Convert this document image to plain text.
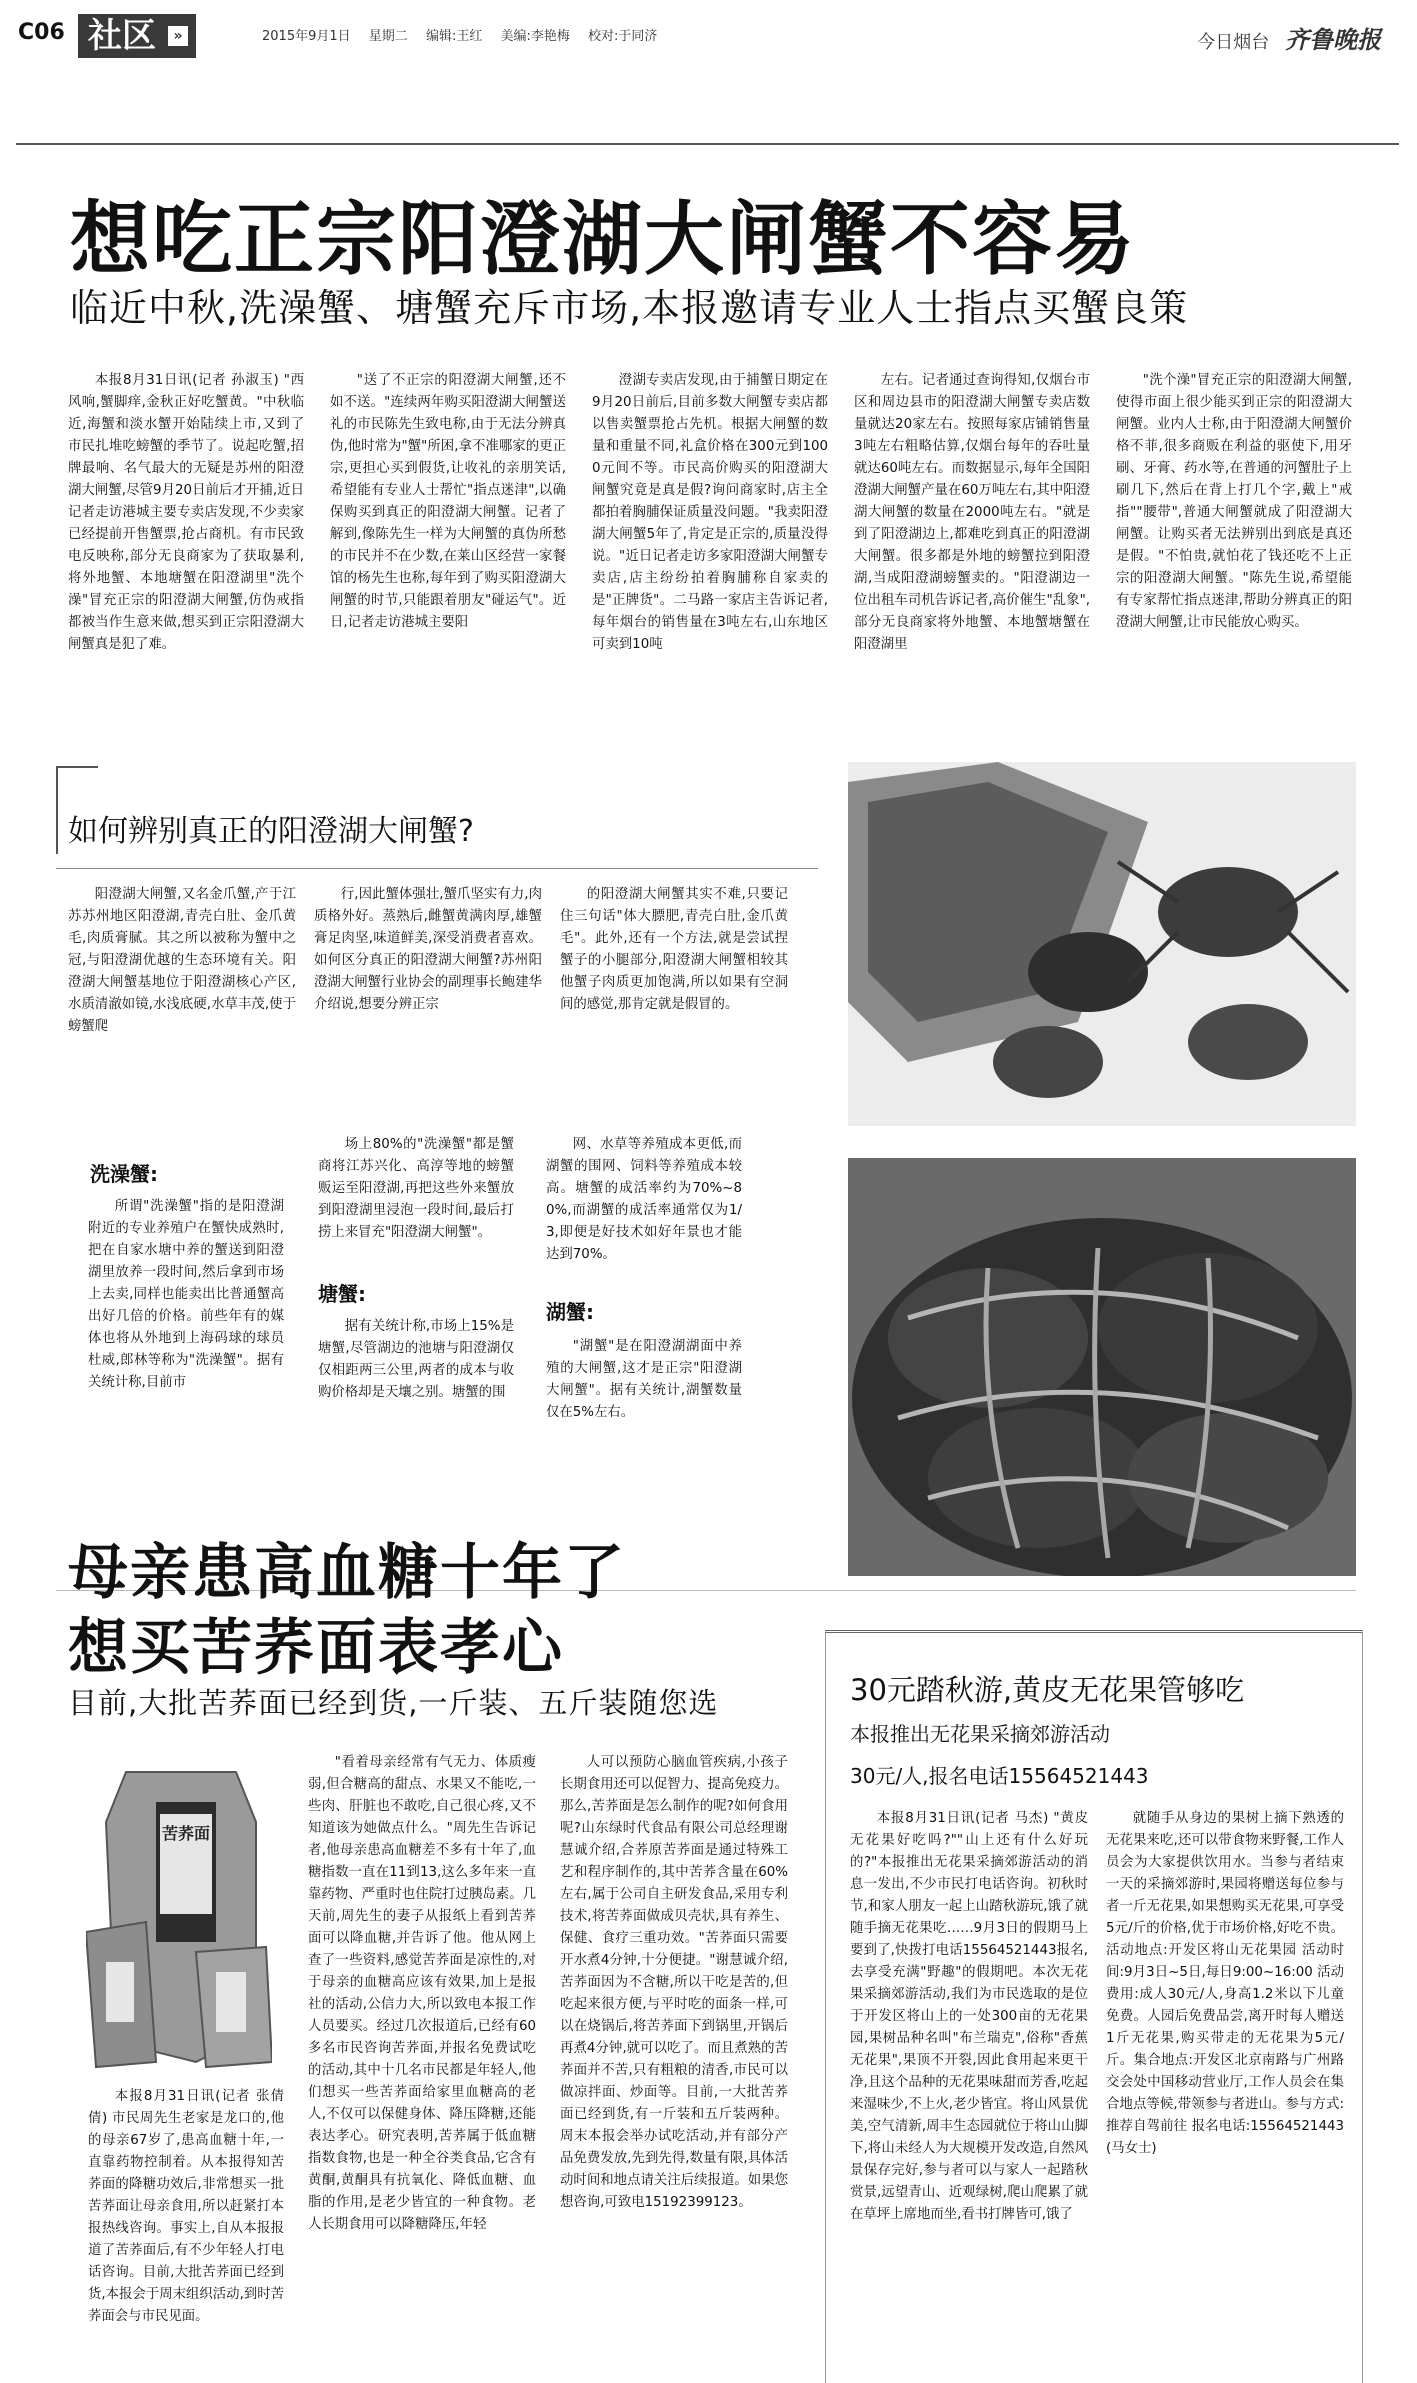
C06 社区	»	2015年9月1日 星期二 编辑:王红 美编:李艳梅 校对:于同济	今日烟台 齐鲁晚报
想吃正宗阳澄湖大闸蟹不容易
临近中秋,洗澡蟹、塘蟹充斥市场,本报邀请专业人士指点买蟹良策

本报8月31日讯(记者 孙淑玉) "西风响,蟹脚痒,金秋正好吃蟹黄。"中秋临近,海蟹和淡水蟹开始陆续上市,又到了市民扎堆吃螃蟹的季节了。说起吃蟹,招牌最响、名气最大的无疑是苏州的阳澄湖大闸蟹,尽管9月20日前后才开捕,近日记者走访港城主要专卖店发现,不少卖家已经提前开售蟹票,抢占商机。有市民致电反映称,部分无良商家为了获取暴利,将外地蟹、本地塘蟹在阳澄湖里"洗个澡"冒充正宗的阳澄湖大闸蟹,仿伪戒指都被当作生意来做,想买到正宗阳澄湖大闸蟹真是犯了难。

"送了不正宗的阳澄湖大闸蟹,还不如不送。"连续两年购买阳澄湖大闸蟹送礼的市民陈先生致电称,由于无法分辨真伪,他时常为"蟹"所困,拿不准哪家的更正宗,更担心买到假货,让收礼的亲朋笑话,希望能有专业人士帮忙"指点迷津",以确保购买到真正的阳澄湖大闸蟹。记者了解到,像陈先生一样为大闸蟹的真伪所愁的市民并不在少数,在莱山区经营一家餐馆的杨先生也称,每年到了购买阳澄湖大闸蟹的时节,只能跟着朋友"碰运气"。近日,记者走访港城主要阳

澄湖专卖店发现,由于捕蟹日期定在9月20日前后,目前多数大闸蟹专卖店都以售卖蟹票抢占先机。根据大闸蟹的数量和重量不同,礼盒价格在300元到1000元间不等。市民高价购买的阳澄湖大闸蟹究竟是真是假?询问商家时,店主全都拍着胸脯保证质量没问题。"我卖阳澄湖大闸蟹5年了,肯定是正宗的,质量没得说。"近日记者走访多家阳澄湖大闸蟹专卖店,店主纷纷拍着胸脯称自家卖的是"正牌货"。二马路一家店主告诉记者,每年烟台的销售量在3吨左右,山东地区可卖到10吨

左右。记者通过查询得知,仅烟台市区和周边县市的阳澄湖大闸蟹专卖店数量就达20家左右。按照每家店铺销售量3吨左右粗略估算,仅烟台每年的吞吐量就达60吨左右。而数据显示,每年全国阳澄湖大闸蟹产量在60万吨左右,其中阳澄湖大闸蟹的数量在2000吨左右。"就是到了阳澄湖边上,都难吃到真正的阳澄湖大闸蟹。很多都是外地的螃蟹拉到阳澄湖,当成阳澄湖螃蟹卖的。"阳澄湖边一位出租车司机告诉记者,高价催生"乱象",部分无良商家将外地蟹、本地蟹塘蟹在阳澄湖里

"洗个澡"冒充正宗的阳澄湖大闸蟹,使得市面上很少能买到正宗的阳澄湖大闸蟹。业内人士称,由于阳澄湖大闸蟹价格不菲,很多商贩在利益的驱使下,用牙刷、牙膏、药水等,在普通的河蟹肚子上刷几下,然后在背上打几个字,戴上"戒指""腰带",普通大闸蟹就成了阳澄湖大闸蟹。让购买者无法辨别出到底是真还是假。"不怕贵,就怕花了钱还吃不上正宗的阳澄湖大闸蟹。"陈先生说,希望能有专家帮忙指点迷津,帮助分辨真正的阳澄湖大闸蟹,让市民能放心购买。

如何辨别真正的阳澄湖大闸蟹?

阳澄湖大闸蟹,又名金爪蟹,产于江苏苏州地区阳澄湖,青壳白肚、金爪黄毛,肉质膏腻。其之所以被称为蟹中之冠,与阳澄湖优越的生态环境有关。阳澄湖大闸蟹基地位于阳澄湖核心产区,水质清澈如镜,水浅底硬,水草丰茂,使于螃蟹爬

行,因此蟹体强壮,蟹爪坚实有力,肉质格外好。蒸熟后,雌蟹黄满肉厚,雄蟹膏足肉坚,味道鲜美,深受消费者喜欢。如何区分真正的阳澄湖大闸蟹?苏州阳澄湖大闸蟹行业协会的副理事长鲍建华介绍说,想要分辨正宗

的阳澄湖大闸蟹其实不难,只要记住三句话"体大膘肥,青壳白肚,金爪黄毛"。此外,还有一个方法,就是尝试捏蟹子的小腿部分,阳澄湖大闸蟹相较其他蟹子肉质更加饱满,所以如果有空洞间的感觉,那肯定就是假冒的。

洗澡蟹:

所谓"洗澡蟹"指的是阳澄湖附近的专业养殖户在蟹快成熟时,把在自家水塘中养的蟹送到阳澄湖里放养一段时间,然后拿到市场上去卖,同样也能卖出比普通蟹高出好几倍的价格。前些年有的媒体也将从外地到上海码球的球员杜威,郎林等称为"洗澡蟹"。据有关统计称,目前市

场上80%的"洗澡蟹"都是蟹商将江苏兴化、高淳等地的螃蟹贩运至阳澄湖,再把这些外来蟹放到阳澄湖里浸泡一段时间,最后打捞上来冒充"阳澄湖大闸蟹"。

塘蟹:

据有关统计称,市场上15%是塘蟹,尽管湖边的池塘与阳澄湖仅仅相距两三公里,两者的成本与收购价格却是天壤之别。塘蟹的围

网、水草等养殖成本更低,而湖蟹的围网、饲料等养殖成本较高。塘蟹的成活率约为70%~80%,而湖蟹的成活率通常仅为1/3,即便是好技术如好年景也才能达到70%。

湖蟹:

"湖蟹"是在阳澄湖湖面中养殖的大闸蟹,这才是正宗"阳澄湖大闸蟹"。据有关统计,湖蟹数量仅在5%左右。

母亲患高血糖十年了
想买苦荞面表孝心
目前,大批苦荞面已经到货,一斤装、五斤装随您选
苦荞面

本报8月31日讯(记者 张倩倩) 市民周先生老家是龙口的,他的母亲67岁了,患高血糖十年,一直靠药物控制着。从本报得知苦荞面的降糖功效后,非常想买一批苦荞面让母亲食用,所以赶紧打本报热线咨询。事实上,自从本报报道了苦荞面后,有不少年轻人打电话咨询。目前,大批苦荞面已经到货,本报会于周末组织活动,到时苦荞面会与市民见面。

"看着母亲经常有气无力、体质瘦弱,但合糖高的甜点、水果又不能吃,一些肉、肝脏也不敢吃,自己很心疼,又不知道该为她做点什么。"周先生告诉记者,他母亲患高血糖差不多有十年了,血糖指数一直在11到13,这么多年来一直靠药物、严重时也住院打过胰岛素。几天前,周先生的妻子从报纸上看到苦荞面可以降血糖,并告诉了他。他从网上查了一些资料,感觉苦荞面是凉性的,对于母亲的血糖高应该有效果,加上是报社的活动,公信力大,所以致电本报工作人员要买。经过几次报道后,已经有60多名市民咨询苦荞面,并报名免费试吃的活动,其中十几名市民都是年轻人,他们想买一些苦荞面给家里血糖高的老人,不仅可以保健身体、降压降糖,还能表达孝心。研究表明,苦荞属于低血糖指数食物,也是一种全谷类食品,它含有黄酮,黄酮具有抗氧化、降低血糖、血脂的作用,是老少皆宜的一种食物。老人长期食用可以降糖降压,年轻

人可以预防心脑血管疾病,小孩子长期食用还可以促智力、提高免疫力。那么,苦荞面是怎么制作的呢?如何食用呢?山东绿时代食品有限公司总经理谢慧诚介绍,合荞原苦荞面是通过特殊工艺和程序制作的,其中苦荞含量在60%左右,属于公司自主研发食品,采用专利技术,将苦荞面做成贝壳状,具有养生、保健、食疗三重功效。"苦荞面只需要开水煮4分钟,十分便捷。"谢慧诚介绍,苦荞面因为不含糖,所以干吃是苦的,但吃起来很方便,与平时吃的面条一样,可以在烧锅后,将苦荞面下到锅里,开锅后再煮4分钟,就可以吃了。而且煮熟的苦荞面并不苦,只有粗粮的清香,市民可以做凉拌面、炒面等。目前,一大批苦荞面已经到货,有一斤装和五斤装两种。周末本报会举办试吃活动,并有部分产品免费发放,先到先得,数量有限,具体活动时间和地点请关注后续报道。如果您想咨询,可致电15192399123。

30元踏秋游,黄皮无花果管够吃
本报推出无花果采摘郊游活动
30元/人,报名电话15564521443

本报8月31日讯(记者 马杰) "黄皮无花果好吃吗?""山上还有什么好玩的?"本报推出无花果采摘郊游活动的消息一发出,不少市民打电话咨询。初秋时节,和家人朋友一起上山踏秋游玩,饿了就随手摘无花果吃……9月3日的假期马上要到了,快拨打电话15564521443报名,去享受充满"野趣"的假期吧。本次无花果采摘郊游活动,我们为市民选取的是位于开发区将山上的一处300亩的无花果园,果树品种名叫"布兰瑞克",俗称"香蕉无花果",果顶不开裂,因此食用起来更干净,且这个品种的无花果味甜而芳香,吃起来湿味少,不上火,老少皆宜。将山风景优美,空气清新,周丰生态园就位于将山山脚下,将山未经人为大规模开发改造,自然风景保存完好,参与者可以与家人一起踏秋赏景,远望青山、近观绿树,爬山爬累了就在草坪上席地而坐,看书打牌皆可,饿了

就随手从身边的果树上摘下熟透的无花果来吃,还可以带食物来野餐,工作人员会为大家提供饮用水。当参与者结束一天的采摘郊游时,果园将赠送每位参与者一斤无花果,如果想购买无花果,可享受5元/斤的价格,优于市场价格,好吃不贵。活动地点:开发区将山无花果园 活动时间:9月3日~5日,每日9:00~16:00 活动费用:成人30元/人,身高1.2米以下儿童免费。人园后免费品尝,离开时每人赠送1斤无花果,购买带走的无花果为5元/斤。集合地点:开发区北京南路与广州路交会处中国移动营业厅,工作人员会在集合地点等候,带领参与者进山。参与方式:推荐自驾前往 报名电话:15564521443(马女士)
